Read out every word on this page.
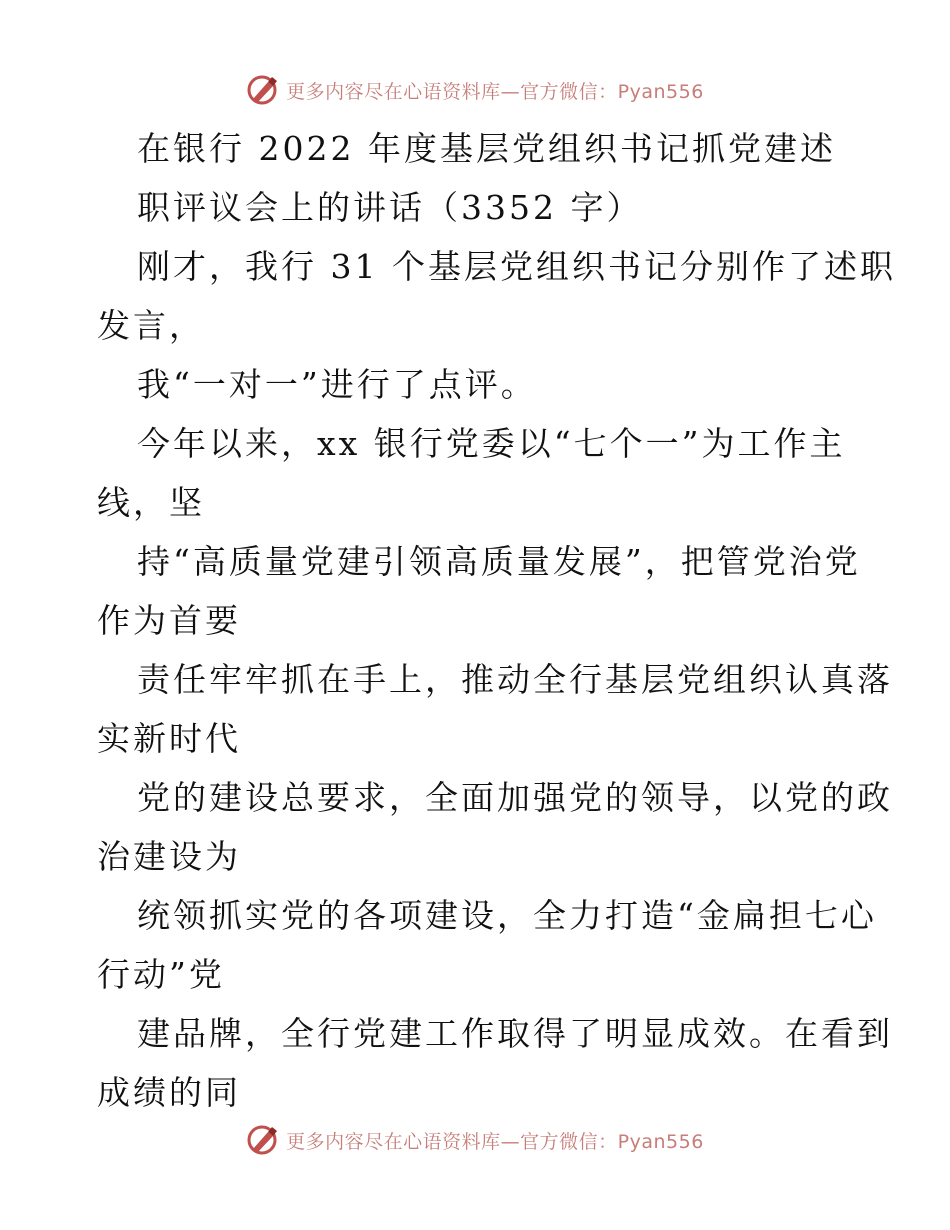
更多内容尽在心语资料库—官方微信：Pyan556
在银行 2022 年度基层党组织书记抓党建述
职评议会上的讲话（3352 字）
刚才，我行 31 个基层党组织书记分别作了述职
发言，
我“一对一”进行了点评。
今年以来，xx 银行党委以“七个一”为工作主
线，坚
持“高质量党建引领高质量发展”，把管党治党
作为首要
责任牢牢抓在手上，推动全行基层党组织认真落
实新时代
党的建设总要求，全面加强党的领导，以党的政
治建设为
统领抓实党的各项建设，全力打造“金扁担七心
行动”党
建品牌，全行党建工作取得了明显成效。在看到
成绩的同
更多内容尽在心语资料库—官方微信：Pyan556
